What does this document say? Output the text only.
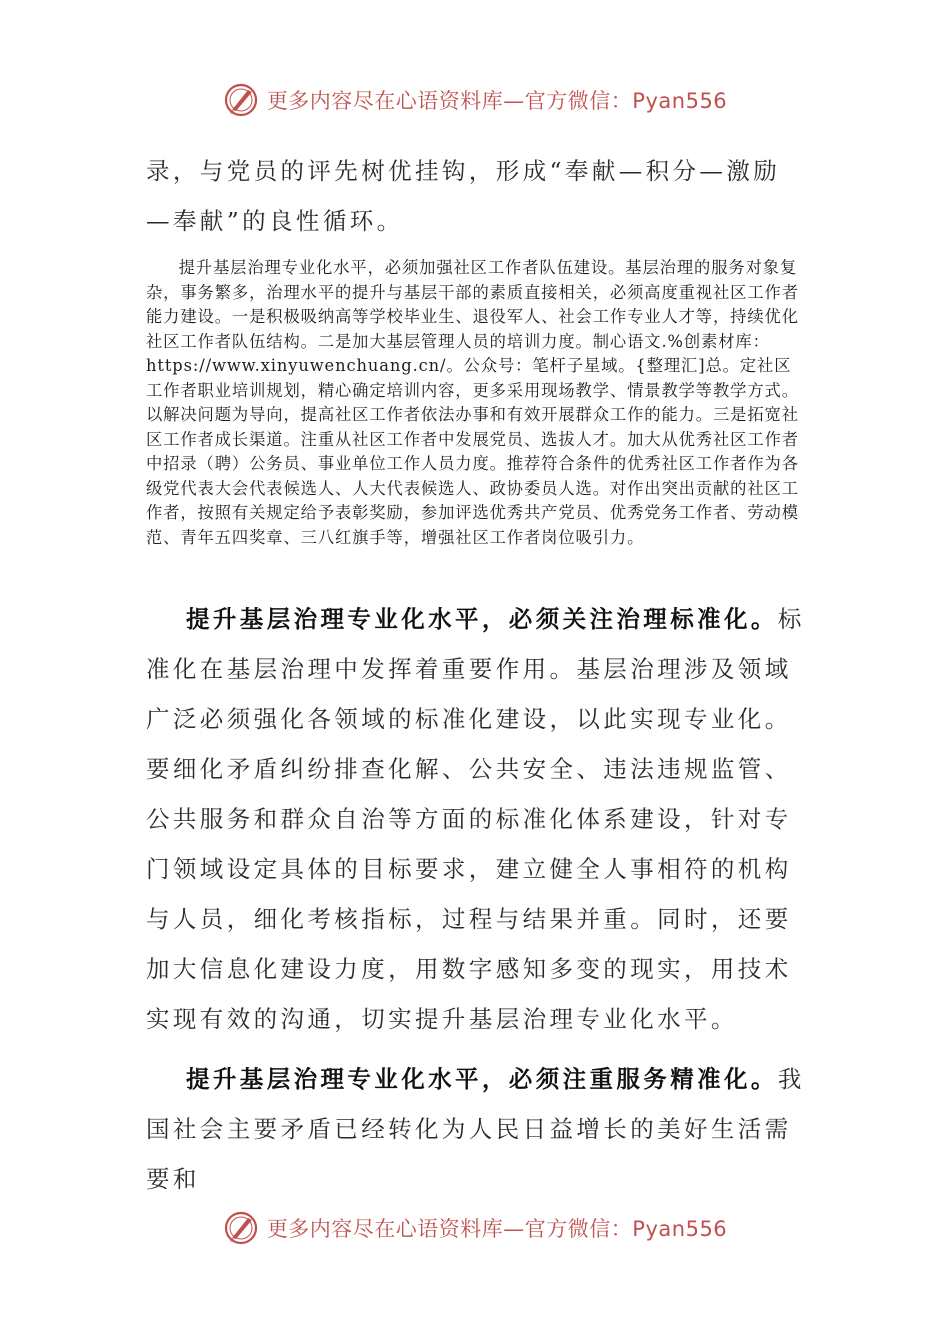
更多内容尽在心语资料库—官方微信：Pyan556

录，与党员的评先树优挂钩，形成“奉献—积分—激励—奉献”的良性循环。

提升基层治理专业化水平，必须加强社区工作者队伍建设。基层治理的服务对象复杂，事务繁多，治理水平的提升与基层干部的素质直接相关，必须高度重视社区工作者能力建设。一是积极吸纳高等学校毕业生、退役军人、社会工作专业人才等，持续优化社区工作者队伍结构。二是加大基层管理人员的培训力度。制心语文.%创素材库：https://www.xinyuwenchuang.cn/。公众号：笔杆子星域。{整理汇]总。定社区工作者职业培训规划，精心确定培训内容，更多采用现场教学、情景教学等教学方式。以解决问题为导向，提高社区工作者依法办事和有效开展群众工作的能力。三是拓宽社区工作者成长渠道。注重从社区工作者中发展党员、选拔人才。加大从优秀社区工作者中招录（聘）公务员、事业单位工作人员力度。推荐符合条件的优秀社区工作者作为各级党代表大会代表候选人、人大代表候选人、政协委员人选。对作出突出贡献的社区工作者，按照有关规定给予表彰奖励，参加评选优秀共产党员、优秀党务工作者、劳动模范、青年五四奖章、三八红旗手等，增强社区工作者岗位吸引力。

提升基层治理专业化水平，必须关注治理标准化。标准化在基层治理中发挥着重要作用。基层治理涉及领域广泛必须强化各领域的标准化建设，以此实现专业化。要细化矛盾纠纷排查化解、公共安全、违法违规监管、公共服务和群众自治等方面的标准化体系建设，针对专门领域设定具体的目标要求，建立健全人事相符的机构与人员，细化考核指标，过程与结果并重。同时，还要加大信息化建设力度，用数字感知多变的现实，用技术实现有效的沟通，切实提升基层治理专业化水平。

提升基层治理专业化水平，必须注重服务精准化。我国社会主要矛盾已经转化为人民日益增长的美好生活需要和

更多内容尽在心语资料库—官方微信：Pyan556
